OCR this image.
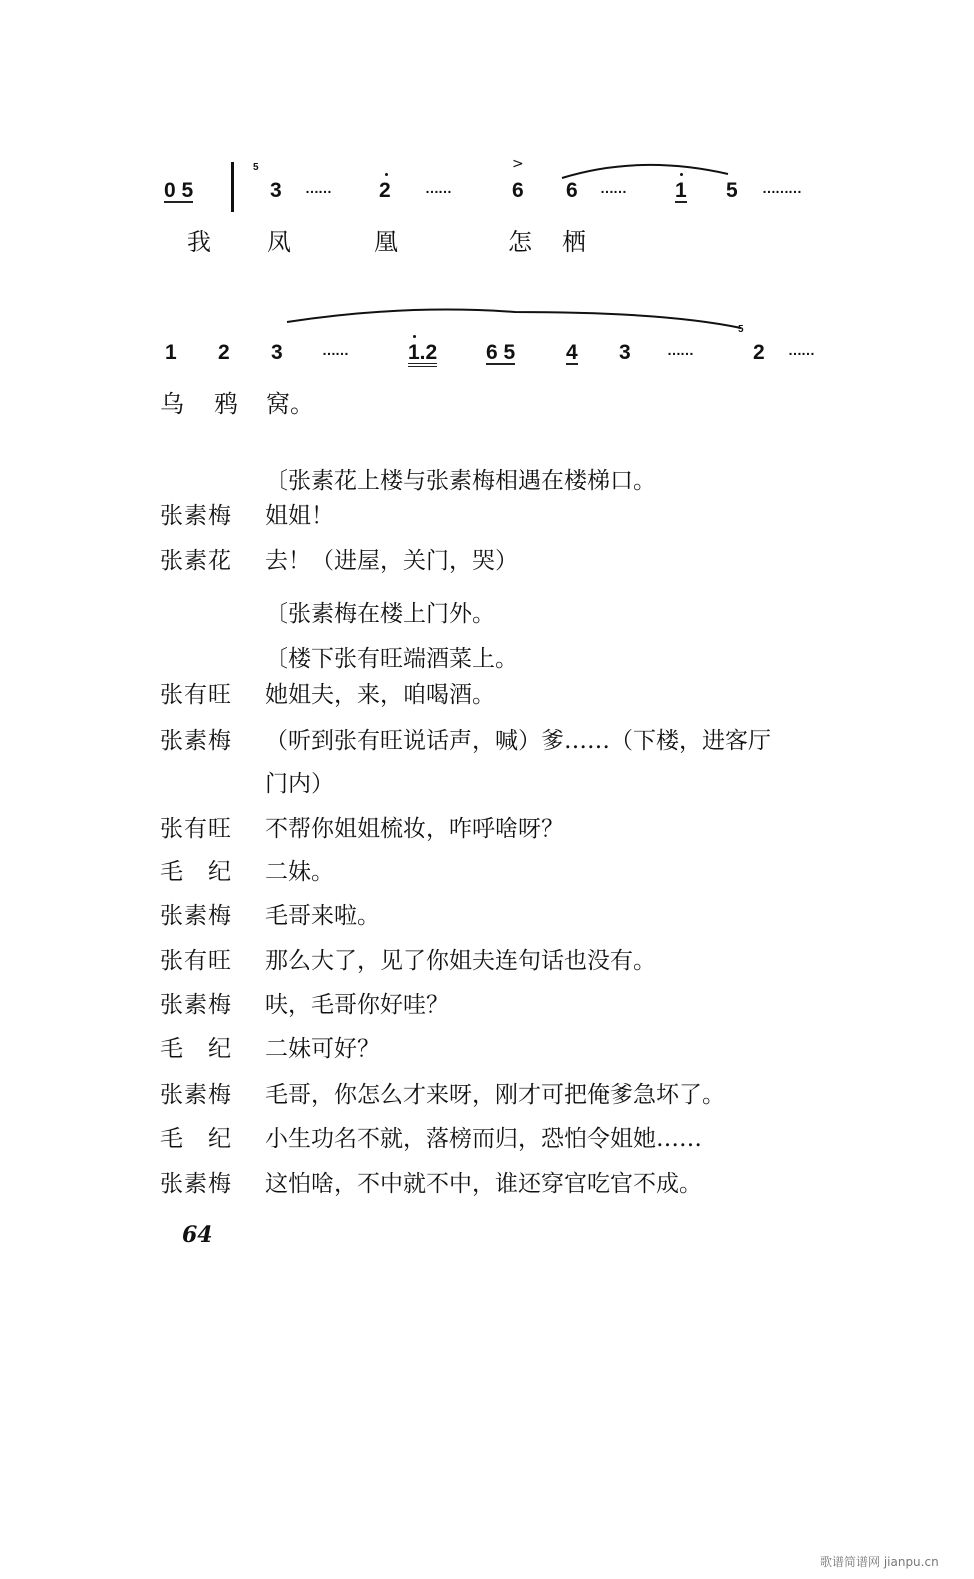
0 5
5
3 …… 2 ……
>
6 6 …… 1 5 ………
我 凤	凰	怎 栖
1 2 3	……	1.2 6 5 4 3	……
5
2 ……
乌 鸦 窝。
〔张素花上楼与张素梅相遇在楼梯口。
张素梅 姐姐！
张素花 去！（进屋，关门，哭）
〔张素梅在楼上门外。
〔楼下张有旺端酒菜上。
张有旺 她姐夫，来，咱喝酒。
张素梅 （听到张有旺说话声，喊）爹……（下楼，进客厅
门内）
张有旺 不帮你姐姐梳妆，咋呼啥呀？
毛　纪 二妹。
张素梅 毛哥来啦。
张有旺 那么大了，见了你姐夫连句话也没有。
张素梅 呋，毛哥你好哇？
毛　纪 二妹可好？
张素梅 毛哥，你怎么才来呀，刚才可把俺爹急坏了。
毛　纪 小生功名不就，落榜而归，恐怕令姐她……
张素梅 这怕啥，不中就不中，谁还穿官吃官不成。
64
歌谱简谱网 jianpu.cn
